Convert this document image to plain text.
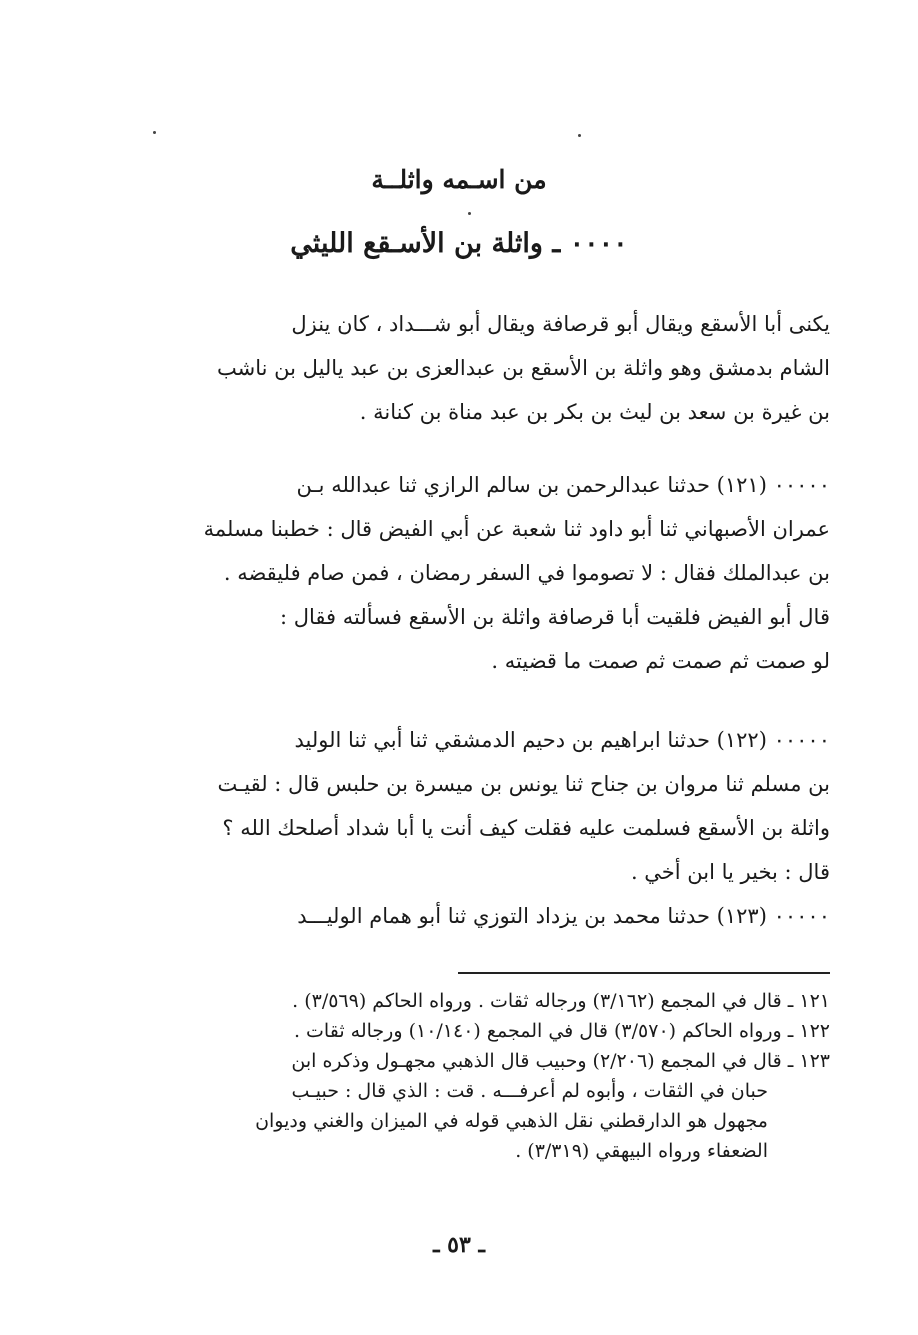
من اسـمه واثلــة
٠٠٠٠ ـ واثلة بن الأسـقع الليثي
يكنى أبا الأسقع ويقال أبو قرصافة ويقال أبو شـــداد ، كان ينزل
الشام بدمشق وهو واثلة بن الأسقع بن عبدالعزى بن عبد ياليل بن ناشب
بن غيرة بن سعد بن ليث بن بكر بن عبد مناة بن كنانة .
٠٠٠٠٠ (١٢١) حدثنا عبدالرحمن بن سالم الرازي ثنا عبدالله بـن
عمران الأصبهاني ثنا أبو داود ثنا شعبة عن أبي الفيض قال : خطبنا مسلمة
بن عبدالملك فقال : لا تصوموا في السفر رمضان ، فمن صام فليقضه .
قال أبو الفيض فلقيت أبا قرصافة واثلة بن الأسقع فسألته فقال :
لو صمت ثم صمت ثم صمت ما قضيته .
٠٠٠٠٠ (١٢٢) حدثنا ابراهيم بن دحيم الدمشقي ثنا أبي ثنا الوليد
بن مسلم ثنا مروان بن جناح ثنا يونس بن ميسرة بن حلبس قال : لقيـت
واثلة بن الأسقع فسلمت عليه فقلت كيف أنت يا أبا شداد أصلحك الله ؟
قال : بخير يا ابن أخي .
٠٠٠٠٠ (١٢٣) حدثنا محمد بن يزداد التوزي ثنا أبو همام الوليـــد
١٢١ ـ قال في المجمع (٣/١٦٢) ورجاله ثقات . ورواه الحاكم (٣/٥٦٩) .
١٢٢ ـ ورواه الحاكم (٣/٥٧٠) قال في المجمع (١٠/١٤٠) ورجاله ثقات .
١٢٣ ـ قال في المجمع (٢/٢٠٦) وحبيب قال الذهبي مجهـول وذكره ابن
حبان في الثقات ، وأبوه لم أعرفـــه . قت : الذي قال : حبيـب
مجهول هو الدارقطني نقل الذهبي قوله في الميزان والغني وديوان
الضعفاء ورواه البيهقي (٣/٣١٩) .
ـ ٥٣ ـ
